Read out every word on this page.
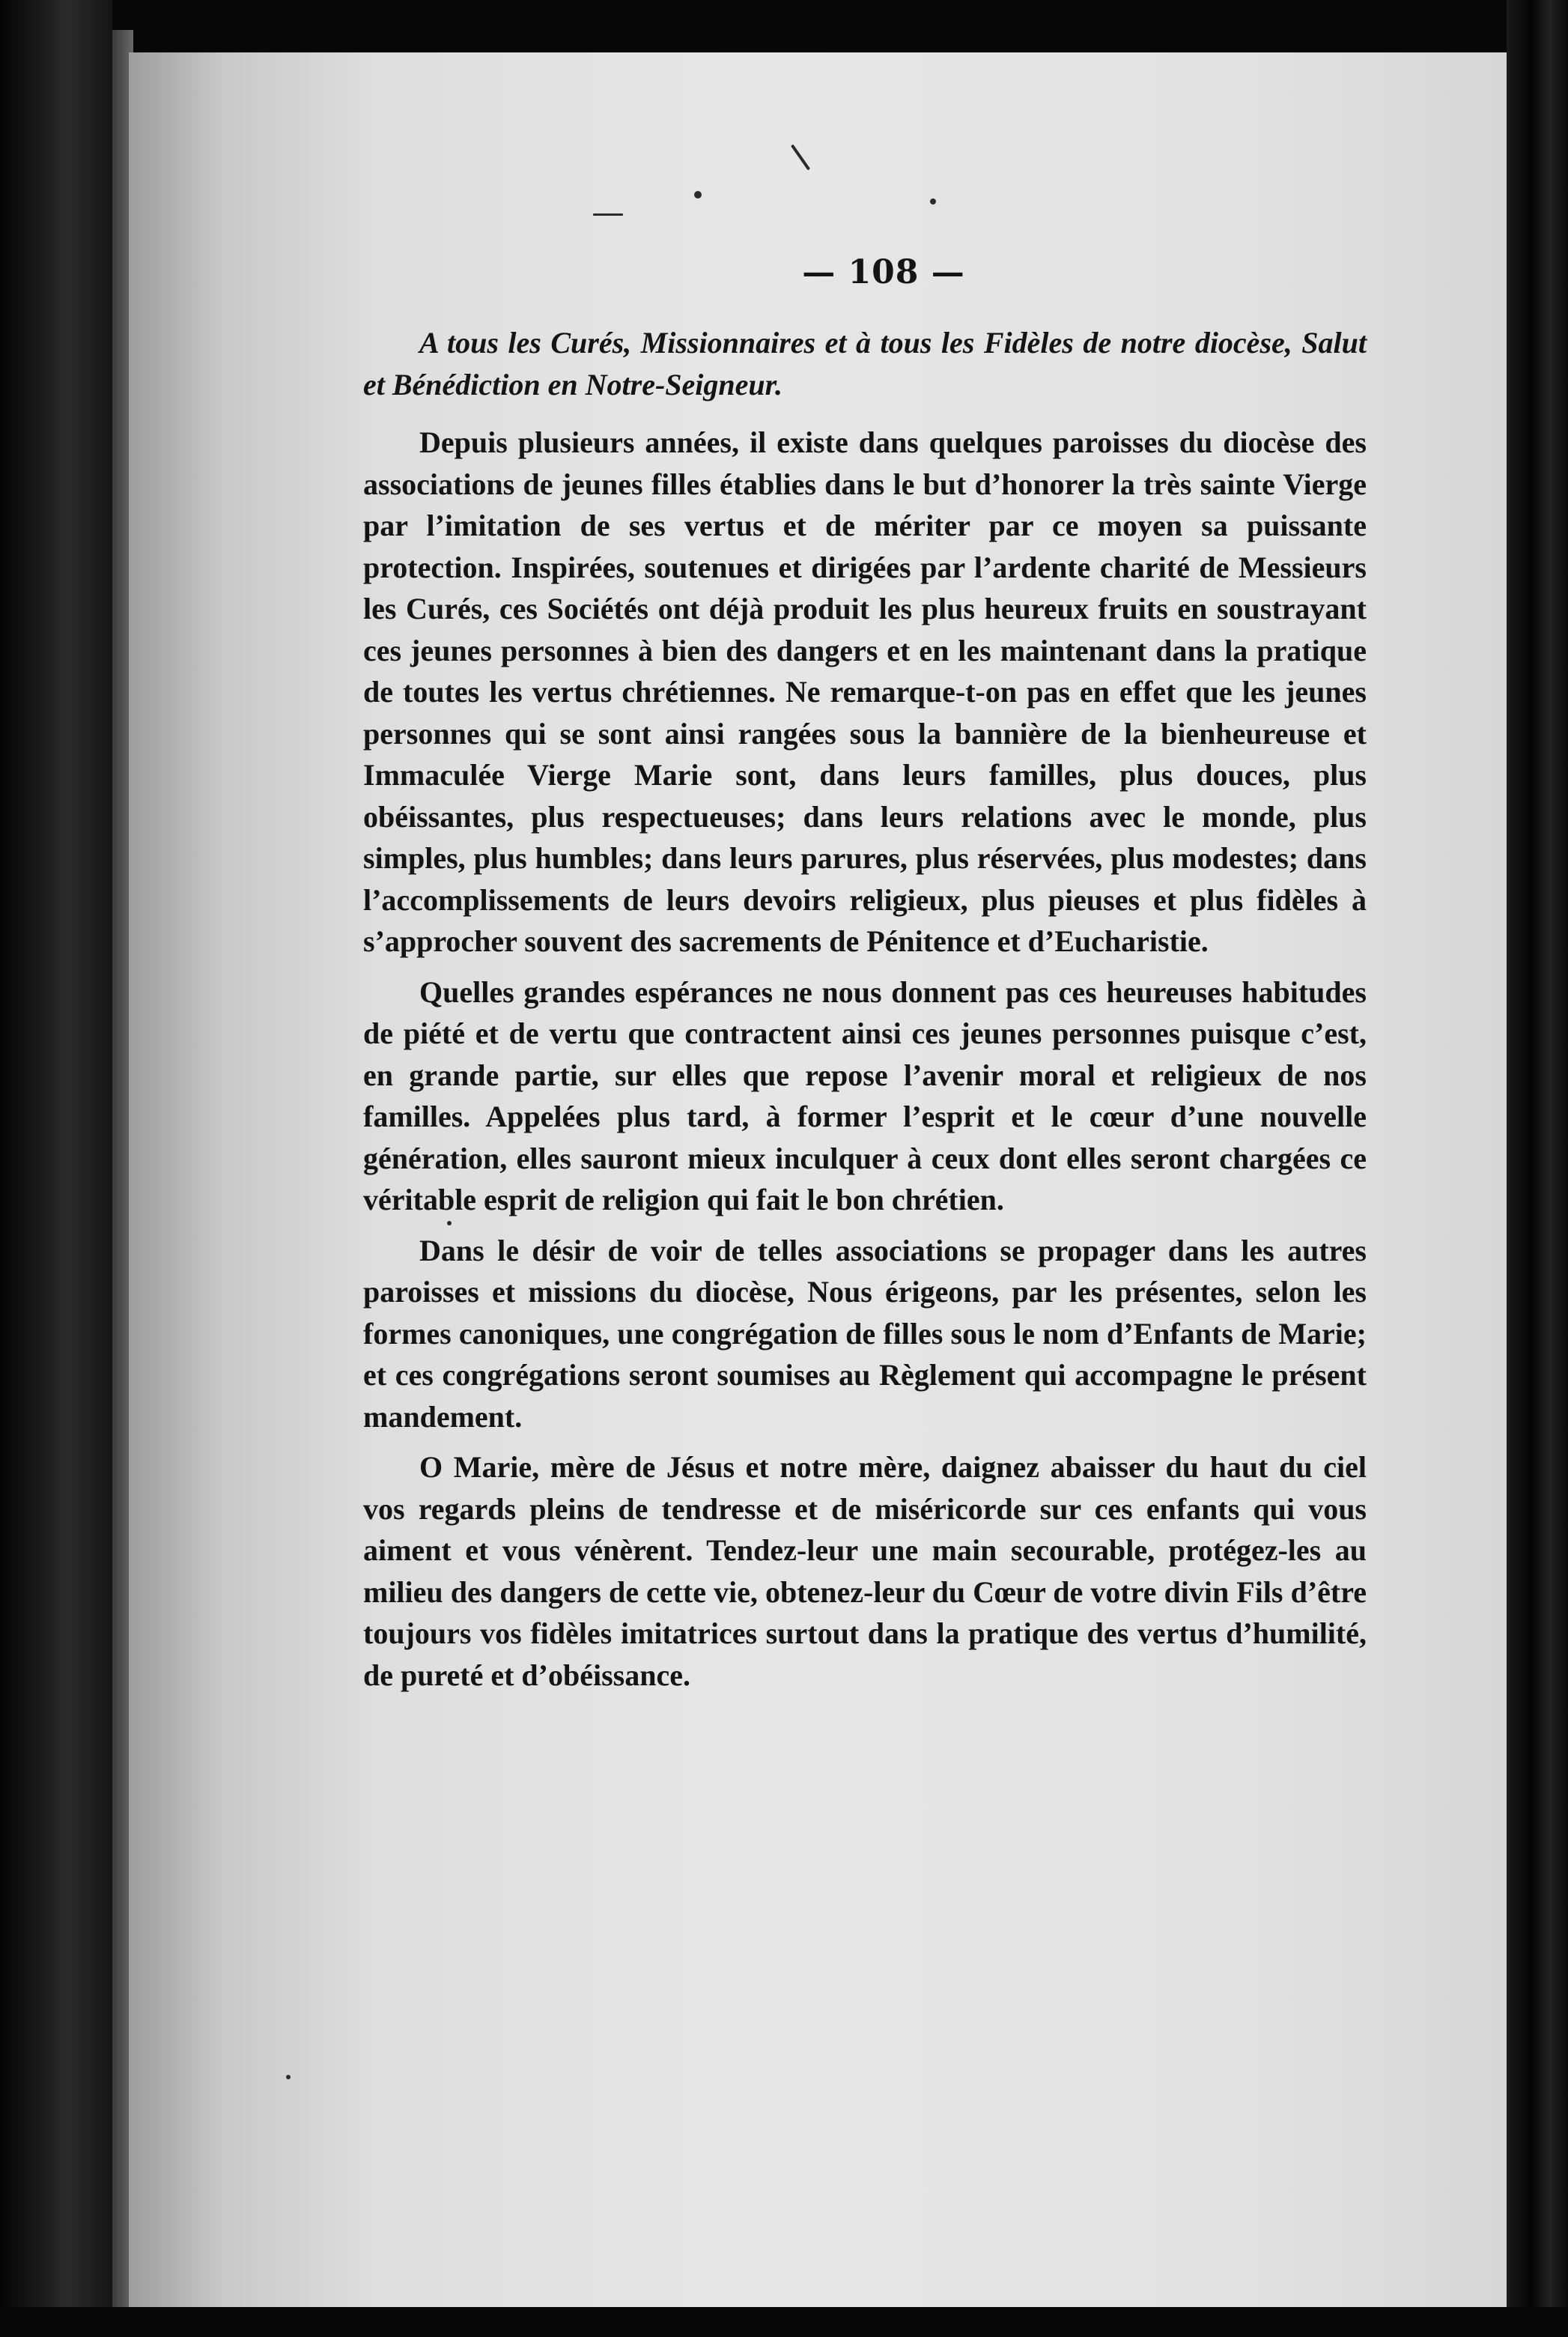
— 108 —

A tous les Curés, Missionnaires et à tous les Fidèles de notre diocèse, Salut et Bénédiction en Notre-Seigneur.

Depuis plusieurs années, il existe dans quelques paroisses du diocèse des associations de jeunes filles établies dans le but d’honorer la très sainte Vierge par l’imitation de ses vertus et de mériter par ce moyen sa puissante protection. Inspirées, soutenues et dirigées par l’ardente charité de Messieurs les Curés, ces Sociétés ont déjà produit les plus heureux fruits en soustrayant ces jeunes personnes à bien des dangers et en les maintenant dans la pratique de toutes les vertus chrétiennes. Ne remarque-t-on pas en effet que les jeunes personnes qui se sont ainsi rangées sous la bannière de la bienheureuse et Immaculée Vierge Marie sont, dans leurs familles, plus douces, plus obéissantes, plus respectueuses; dans leurs relations avec le monde, plus simples, plus humbles; dans leurs parures, plus réservées, plus modestes; dans l’accomplissements de leurs devoirs religieux, plus pieuses et plus fidèles à s’approcher souvent des sacrements de Pénitence et d’Eucharistie.

Quelles grandes espérances ne nous donnent pas ces heureuses habitudes de piété et de vertu que contractent ainsi ces jeunes personnes puisque c’est, en grande partie, sur elles que repose l’avenir moral et religieux de nos familles. Appelées plus tard, à former l’esprit et le cœur d’une nouvelle génération, elles sauront mieux inculquer à ceux dont elles seront chargées ce véritable esprit de religion qui fait le bon chrétien.

Dans le désir de voir de telles associations se propager dans les autres paroisses et missions du diocèse, Nous érigeons, par les présentes, selon les formes canoniques, une congrégation de filles sous le nom d’Enfants de Marie; et ces congrégations seront soumises au Règlement qui accompagne le présent mandement.

O Marie, mère de Jésus et notre mère, daignez abaisser du haut du ciel vos regards pleins de tendresse et de miséricorde sur ces enfants qui vous aiment et vous vénèrent. Tendez-leur une main secourable, protégez-les au milieu des dangers de cette vie, obtenez-leur du Cœur de votre divin Fils d’être toujours vos fidèles imitatrices surtout dans la pratique des vertus d’humilité, de pureté et d’obéissance.
